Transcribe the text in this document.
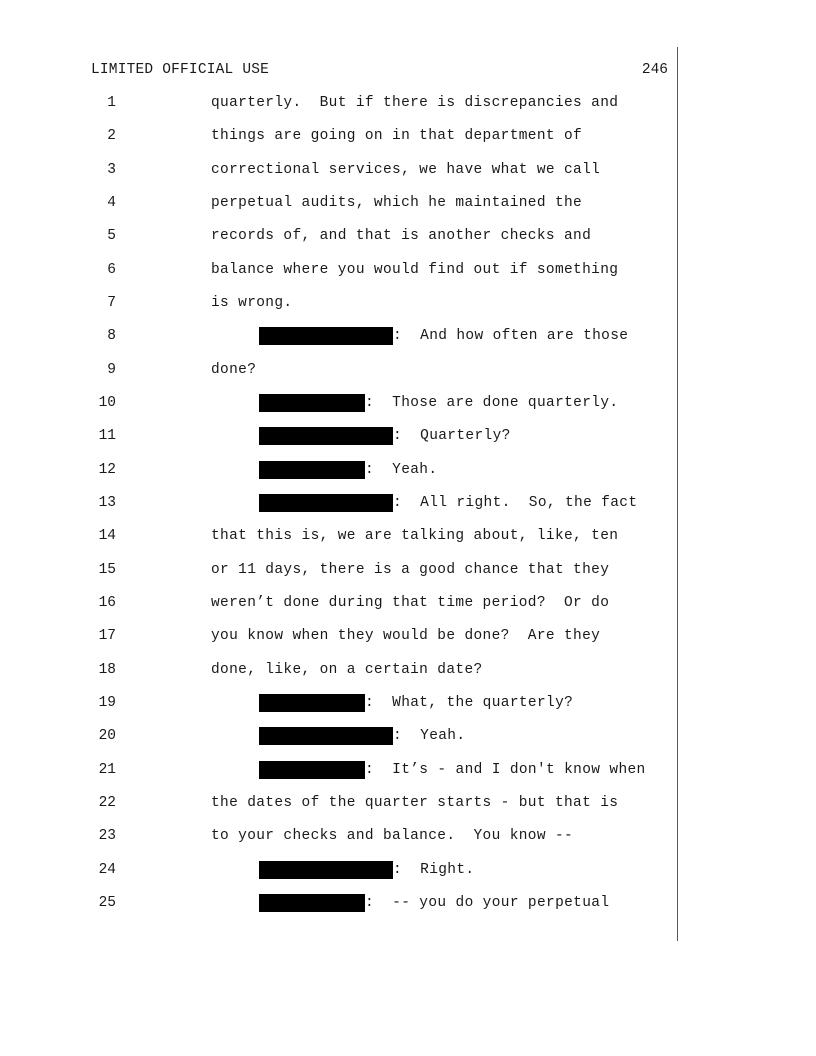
LIMITED OFFICIAL USE	246
1	quarterly.  But if there is discrepancies and
2	things are going on in that department of
3	correctional services, we have what we call
4	perpetual audits, which he maintained the
5	records of, and that is another checks and
6	balance where you would find out if something
7	is wrong.
8	:  And how often are those
9	done?
10	:  Those are done quarterly.
11	:  Quarterly?
12	:  Yeah.
13	:  All right.  So, the fact
14	that this is, we are talking about, like, ten
15	or 11 days, there is a good chance that they
16	weren’t done during that time period?  Or do
17	you know when they would be done?  Are they
18	done, like, on a certain date?
19	:  What, the quarterly?
20	:  Yeah.
21	:  It’s - and I don't know when
22	the dates of the quarter starts - but that is
23	to your checks and balance.  You know --
24	:  Right.
25	:  -- you do your perpetual
